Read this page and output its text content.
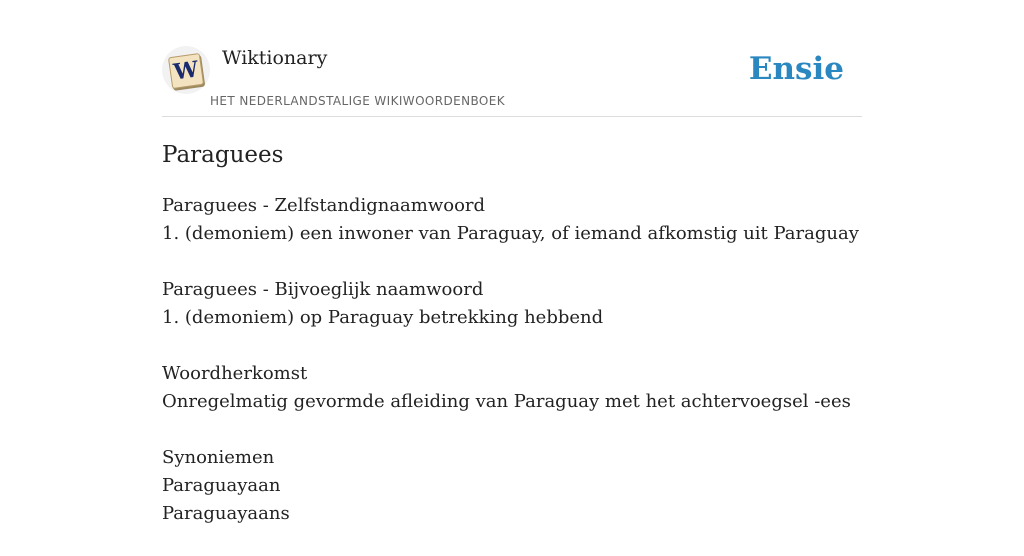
W Wiktionary
HET NEDERLANDSTALIGE WIKIWOORDENBOEK
Ensie
Paraguees
Paraguees - Zelfstandignaamwoord
1. (demoniem) een inwoner van Paraguay, of iemand afkomstig uit Paraguay
Paraguees - Bijvoeglijk naamwoord
1. (demoniem) op Paraguay betrekking hebbend
Woordherkomst
Onregelmatig gevormde afleiding van Paraguay met het achtervoegsel -ees
Synoniemen
Paraguayaan
Paraguayaans
